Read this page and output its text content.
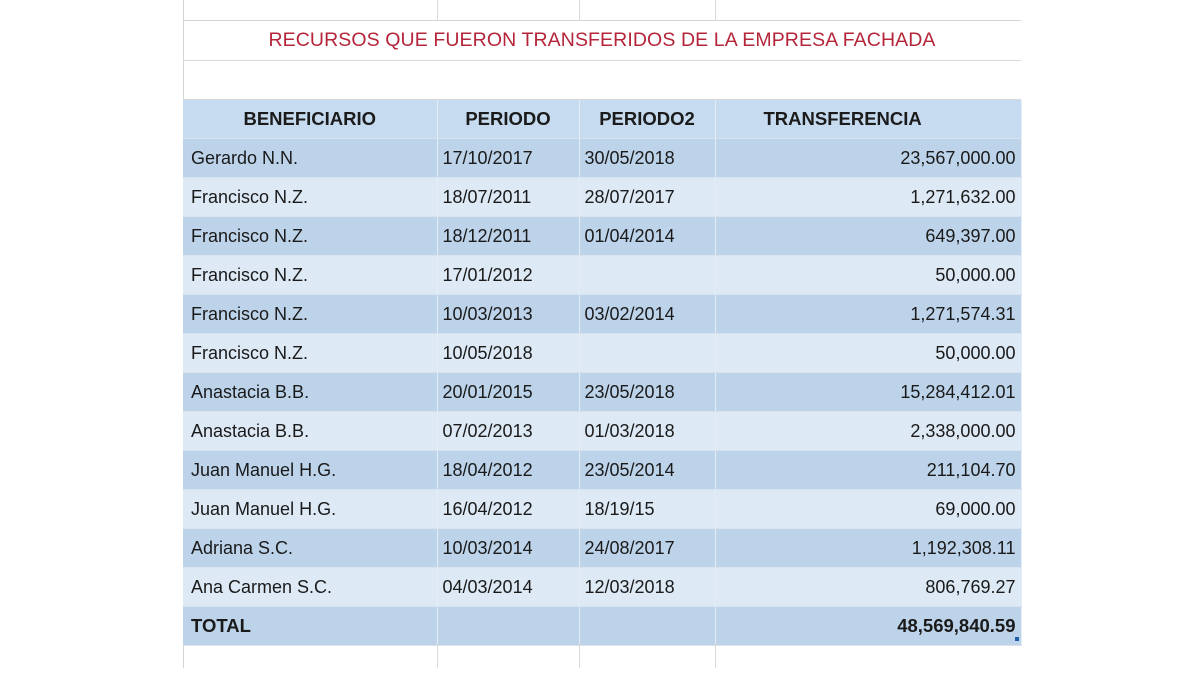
RECURSOS QUE FUERON TRANSFERIDOS DE LA EMPRESA FACHADA
BENEFICIARIO	PERIODO	PERIODO2	TRANSFERENCIA
Gerardo N.N.	17/10/2017	30/05/2018	23,567,000.00
Francisco N.Z.	18/07/2011	28/07/2017	1,271,632.00
Francisco N.Z.	18/12/2011	01/04/2014	649,397.00
Francisco N.Z.	17/01/2012		50,000.00
Francisco N.Z.	10/03/2013	03/02/2014	1,271,574.31
Francisco N.Z.	10/05/2018		50,000.00
Anastacia B.B.	20/01/2015	23/05/2018	15,284,412.01
Anastacia B.B.	07/02/2013	01/03/2018	2,338,000.00
Juan Manuel H.G.	18/04/2012	23/05/2014	211,104.70
Juan Manuel H.G.	16/04/2012	18/19/15	69,000.00
Adriana S.C.	10/03/2014	24/08/2017	1,192,308.11
Ana Carmen S.C.	04/03/2014	12/03/2018	806,769.27
TOTAL			48,569,840.59
